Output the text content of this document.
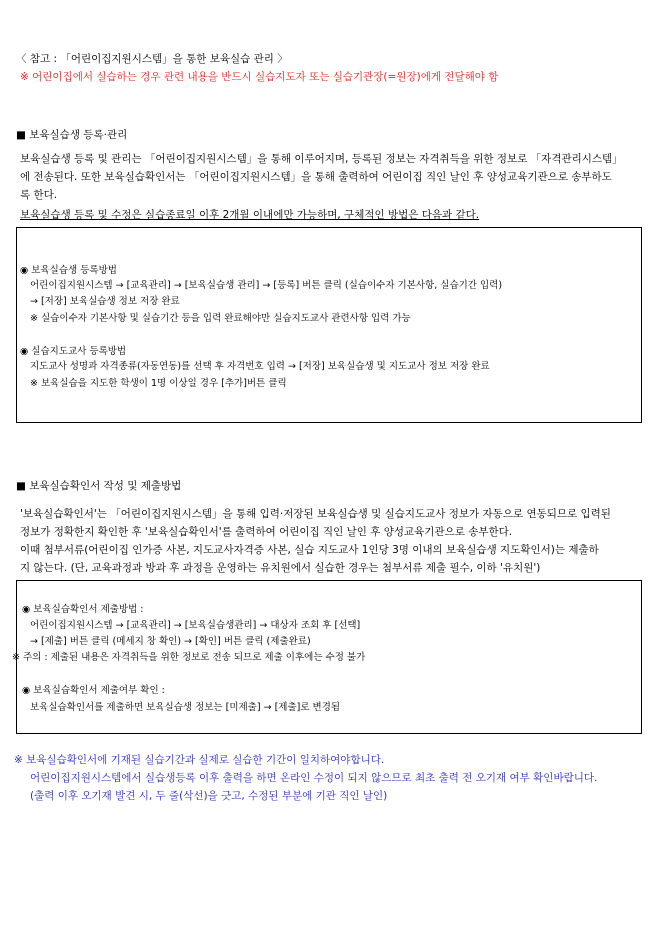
〈 참고 : 「어린이집지원시스템」을 통한 보육실습 관리 〉
※ 어린이집에서 실습하는 경우 관련 내용을 반드시 실습지도자 또는 실습기관장(=원장)에게 전달해야 함
■ 보육실습생 등록·관리
보육실습생 등록 및 관리는 「어린이집지원시스템」을 통해 이루어지며, 등록된 정보는 자격취득을 위한 정보로 「자격관리시스템」
에 전송된다. 또한 보육실습확인서는 「어린이집지원시스템」을 통해 출력하여 어린이집 직인 날인 후 양성교육기관으로 송부하도
록 한다.
보육실습생 등록 및 수정은 실습종료일 이후 2개월 이내에만 가능하며, 구체적인 방법은 다음과 같다.
◉ 보육실습생 등록방법
어린이집지원시스템 → [교육관리] → [보육실습생 관리] → [등록] 버튼 클릭 (실습이수자 기본사항, 실습기간 입력)
→ [저장] 보육실습생 정보 저장 완료
※ 실습이수자 기본사항 및 실습기간 등을 입력 완료해야만 실습지도교사 관련사항 입력 가능
◉ 실습지도교사 등록방법
지도교사 성명과 자격종류(자동연동)를 선택 후 자격번호 입력 → [저장] 보육실습생 및 지도교사 정보 저장 완료
※ 보육실습을 지도한 학생이 1명 이상일 경우 [추가]버튼 클릭
■ 보육실습확인서 작성 및 제출방법
'보육실습확인서'는 「어린이집지원시스템」을 통해 입력·저장된 보육실습생 및 실습지도교사 정보가 자동으로 연동되므로 입력된
정보가 정확한지 확인한 후 '보육실습확인서'를 출력하여 어린이집 직인 날인 후 양성교육기관으로 송부한다.
이때 첨부서류(어린이집 인가증 사본, 지도교사자격증 사본, 실습 지도교사 1인당 3명 이내의 보육실습생 지도확인서)는 제출하
지 않는다. (단, 교육과정과 방과 후 과정을 운영하는 유치원에서 실습한 경우는 첨부서류 제출 필수, 이하 '유치원')
◉ 보육실습확인서 제출방법 :
어린이집지원시스템 → [교육관리] → [보육실습생관리] → 대상자 조회 후 [선택]
→ [제출] 버튼 클릭 (메세지 창 확인) → [확인] 버튼 클릭 (제출완료)
※ 주의 : 제출된 내용은 자격취득을 위한 정보로 전송 되므로 제출 이후에는 수정 불가
◉ 보육실습확인서 제출여부 확인 :
보육실습확인서를 제출하면 보육실습생 정보는 [미제출] → [제출]로 변경됨
※ 보육실습확인서에 기재된 실습기간과 실제로 실습한 기간이 일치하여야합니다.
어린이집지원시스템에서 실습생등록 이후 출력을 하면 온라인 수정이 되지 않으므로 최초 출력 전 오기재 여부 확인바랍니다.
(출력 이후 오기재 발견 시, 두 줄(삭선)을 긋고, 수정된 부분에 기관 직인 날인)
